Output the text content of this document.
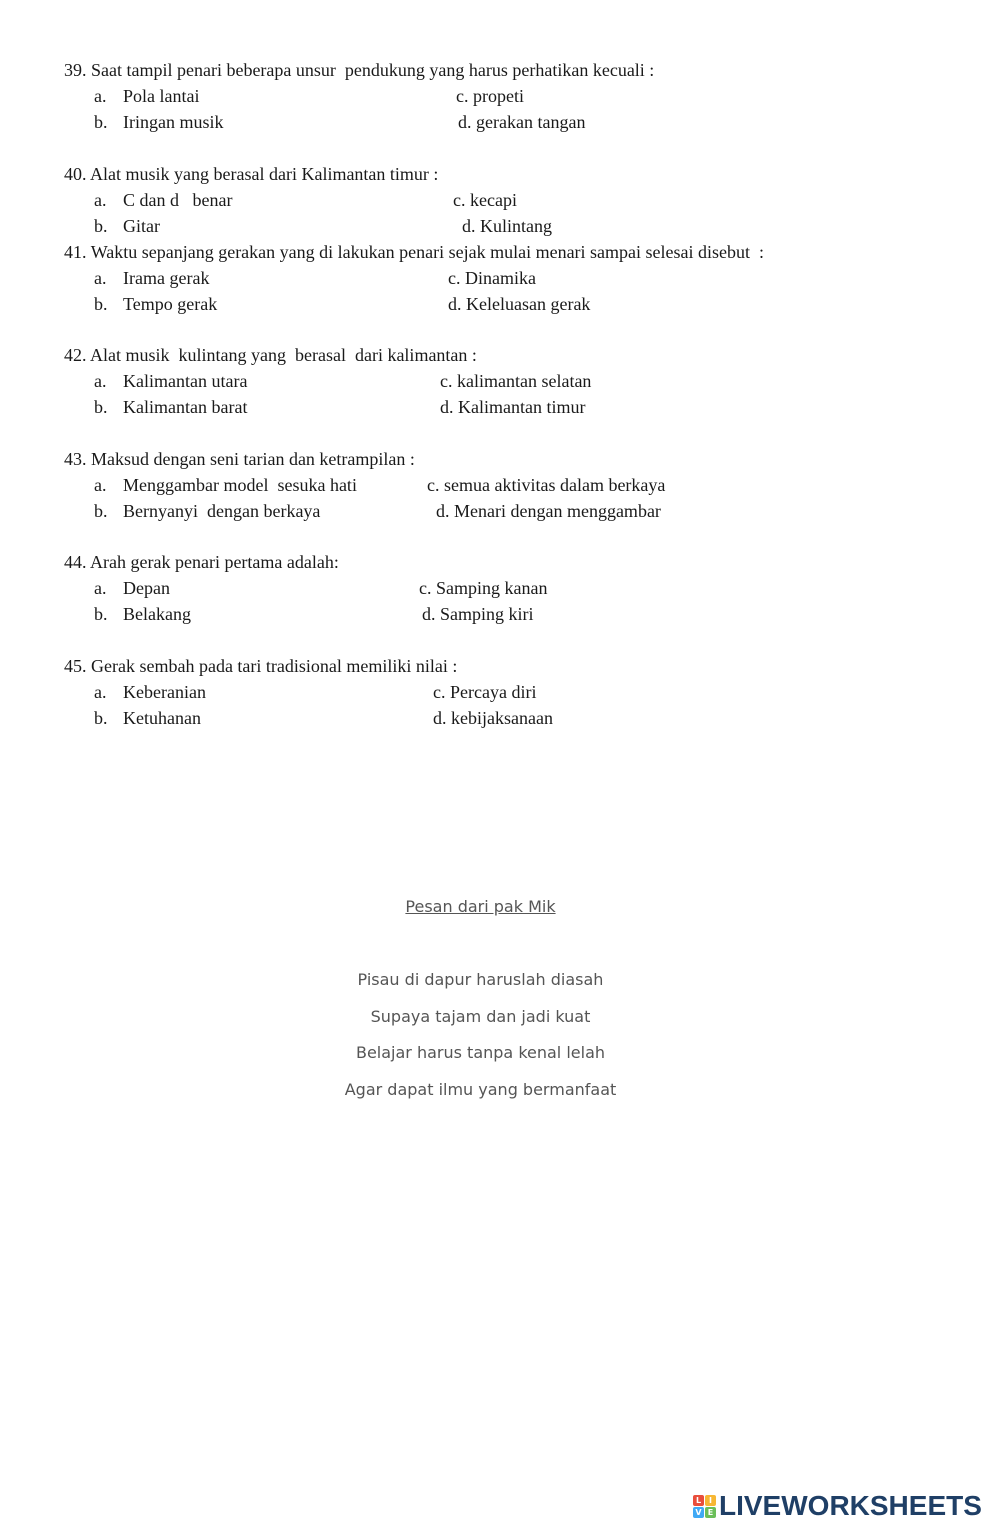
39. Saat tampil penari beberapa unsur  pendukung yang harus perhatikan kecuali :
a. Pola lantai
b. Iringan musik
c. propeti
d. gerakan tangan
40. Alat musik yang berasal dari Kalimantan timur :
a. C dan d   benar
b. Gitar
c. kecapi
d. Kulintang
41. Waktu sepanjang gerakan yang di lakukan penari sejak mulai menari sampai selesai disebut  :
a. Irama gerak
b. Tempo gerak
c. Dinamika
d. Keleluasan gerak
42. Alat musik  kulintang yang  berasal  dari kalimantan :
a. Kalimantan utara
b. Kalimantan barat
c. kalimantan selatan
d. Kalimantan timur
43. Maksud dengan seni tarian dan ketrampilan :
a. Menggambar model  sesuka hati
b. Bernyanyi  dengan berkaya
c. semua aktivitas dalam berkaya
d. Menari dengan menggambar
44. Arah gerak penari pertama adalah:
a. Depan
b. Belakang
c. Samping kanan
d. Samping kiri
45. Gerak sembah pada tari tradisional memiliki nilai :
a. Keberanian
b. Ketuhanan
c. Percaya diri
d. kebijaksanaan
Pesan dari pak Mik
Pisau di dapur haruslah diasah
Supaya tajam dan jadi kuat
Belajar harus tanpa kenal lelah
Agar dapat ilmu yang bermanfaat
L I
V E LIVEWORKSHEETS
